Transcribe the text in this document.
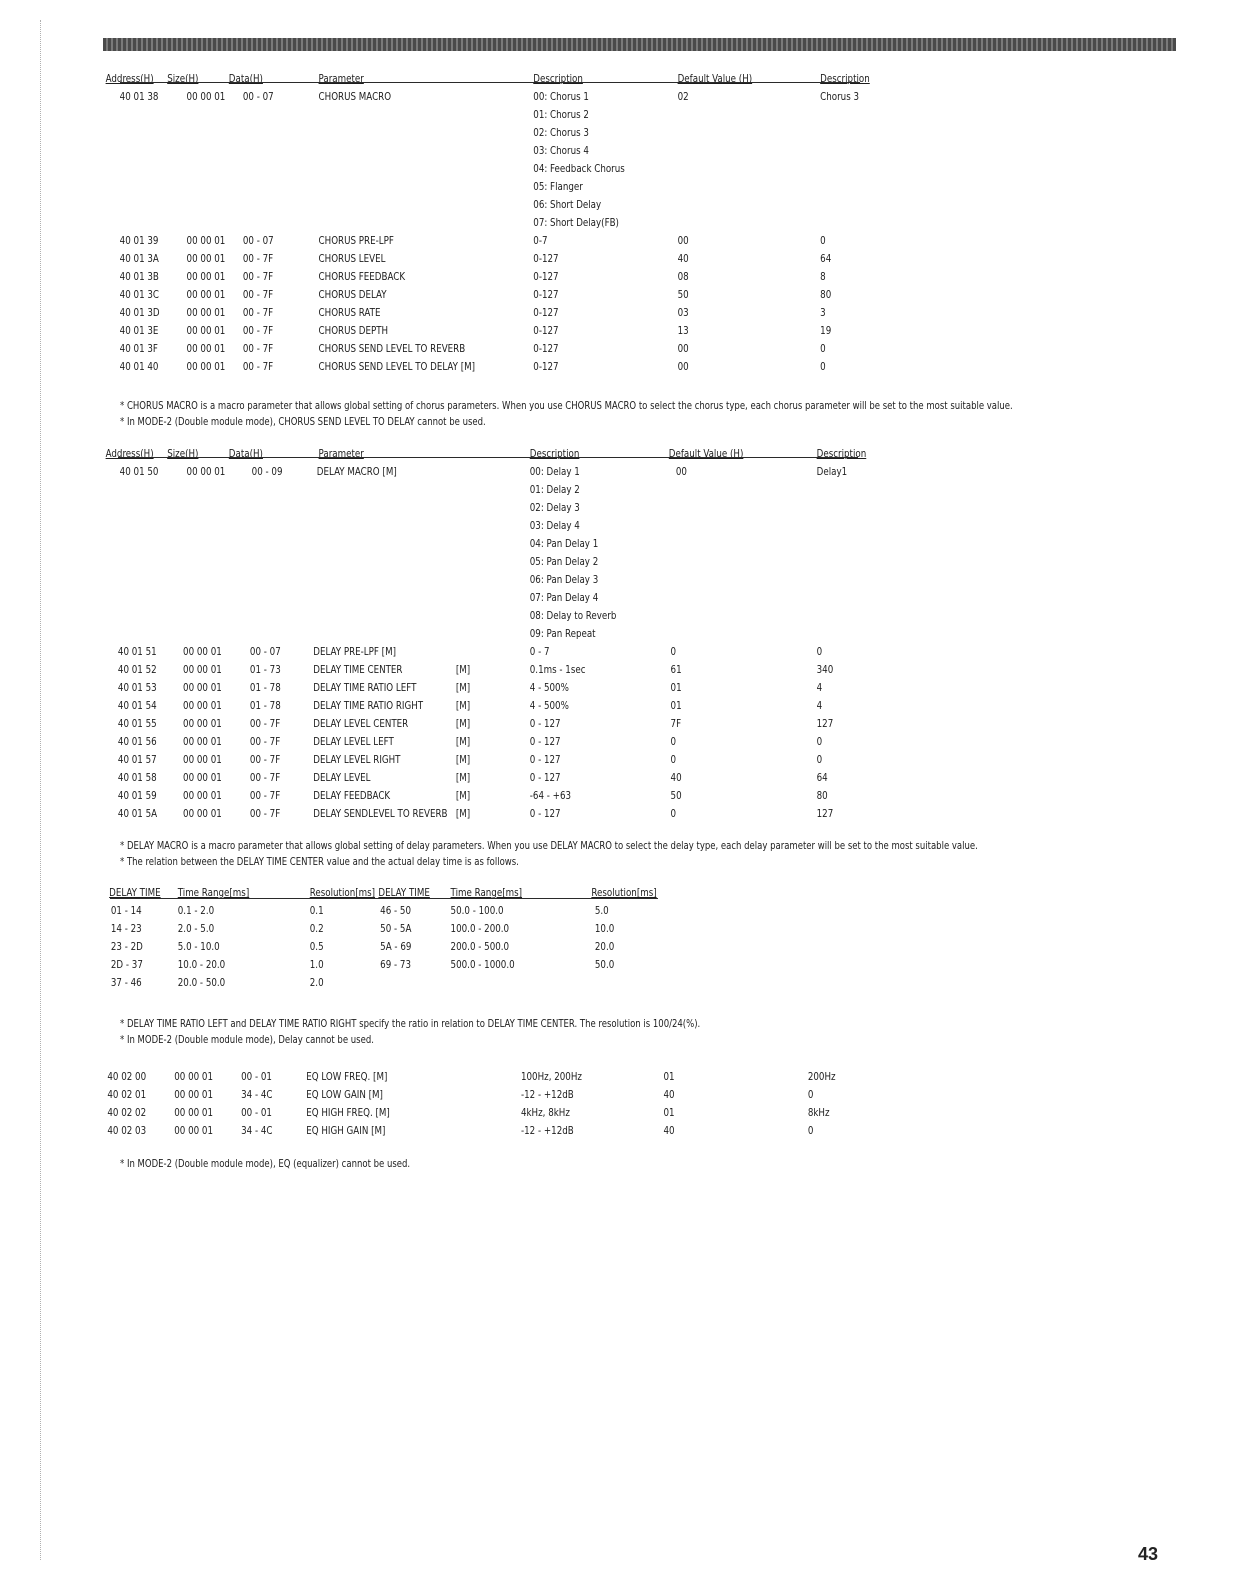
Address(H) Size(H)	Data(H)	Parameter	Description	Default Value (H)	Description
40 01 38	00 00 01 00 - 07	CHORUS MACRO	00: Chorus 1	02	Chorus 3
01: Chorus 2
02: Chorus 3
03: Chorus 4
04: Feedback Chorus
05: Flanger
06: Short Delay
07: Short Delay(FB)
40 01 39	00 00 01 00 - 07	CHORUS PRE-LPF	0-7	00	0
40 01 3A	00 00 01 00 - 7F	CHORUS LEVEL	0-127	40	64
40 01 3B	00 00 01 00 - 7F	CHORUS FEEDBACK	0-127	08	8
40 01 3C	00 00 01 00 - 7F	CHORUS DELAY	0-127	50	80
40 01 3D 00 00 01 00 - 7F	CHORUS RATE	0-127	03	3
40 01 3E	00 00 01 00 - 7F	CHORUS DEPTH	0-127	13	19
40 01 3F	00 00 01 00 - 7F	CHORUS SEND LEVEL TO REVERB	0-127	00	0
40 01 40	00 00 01 00 - 7F	CHORUS SEND LEVEL TO DELAY [M]	0-127	00	0
* CHORUS MACRO is a macro parameter that allows global setting of chorus parameters. When you use CHORUS MACRO to select the chorus type, each chorus parameter will be set to the most suitable value.
* In MODE-2 (Double module mode), CHORUS SEND LEVEL TO DELAY cannot be used.
Address(H) Size(H)	Data(H)	Parameter	Description	Default Value (H)	Description
40 01 50	00 00 01 00 - 09	DELAY MACRO [M]	00: Delay 1	00	Delay1
01: Delay 2
02: Delay 3
03: Delay 4
04: Pan Delay 1
05: Pan Delay 2
06: Pan Delay 3
07: Pan Delay 4
08: Delay to Reverb
09: Pan Repeat
40 01 51 00 00 01	00 - 07	DELAY PRE-LPF [M]	0 - 7	0	0
40 01 52 00 00 01	01 - 73	DELAY TIME CENTER	[M]	0.1ms - 1sec	61	340
40 01 53 00 00 01	01 - 78	DELAY TIME RATIO LEFT	[M]	4 - 500%	01	4
40 01 54 00 00 01	01 - 78	DELAY TIME RATIO RIGHT	[M]	4 - 500%	01	4
40 01 55 00 00 01	00 - 7F	DELAY LEVEL CENTER	[M]	0 - 127	7F	127
40 01 56 00 00 01	00 - 7F	DELAY LEVEL LEFT	[M]	0 - 127	0	0
40 01 57 00 00 01	00 - 7F	DELAY LEVEL RIGHT	[M]	0 - 127	0	0
40 01 58 00 00 01	00 - 7F	DELAY LEVEL	[M]	0 - 127	40	64
40 01 59 00 00 01	00 - 7F	DELAY FEEDBACK	[M]	-64 - +63	50	80
40 01 5A 00 00 01	00 - 7F	DELAY SENDLEVEL TO REVERB [M]	0 - 127	0	127
* DELAY MACRO is a macro parameter that allows global setting of delay parameters. When you use DELAY MACRO to select the delay type, each delay parameter will be set to the most suitable value.
* The relation between the DELAY TIME CENTER value and the actual delay time is as follows.
DELAY TIME Time Range[ms]	Resolution[ms] DELAY TIME Time Range[ms]	Resolution[ms]
01 - 14	0.1 - 2.0	0.1	46 - 50	50.0 - 100.0	5.0
14 - 23	2.0 - 5.0	0.2	50 - 5A	100.0 - 200.0	10.0
23 - 2D	5.0 - 10.0	0.5	5A - 69	200.0 - 500.0	20.0
2D - 37	10.0 - 20.0	1.0	69 - 73	500.0 - 1000.0	50.0
37 - 46	20.0 - 50.0	2.0
* DELAY TIME RATIO LEFT and DELAY TIME RATIO RIGHT specify the ratio in relation to DELAY TIME CENTER. The resolution is 100/24(%).
* In MODE-2 (Double module mode), Delay cannot be used.
40 02 00	00 00 01	00 - 01	EQ LOW FREQ. [M]	100Hz, 200Hz	01	200Hz
40 02 01	00 00 01	34 - 4C	EQ LOW GAIN [M]	-12 - +12dB	40	0
40 02 02	00 00 01	00 - 01	EQ HIGH FREQ. [M]	4kHz, 8kHz	01	8kHz
40 02 03	00 00 01	34 - 4C	EQ HIGH GAIN [M]	-12 - +12dB	40	0
* In MODE-2 (Double module mode), EQ (equalizer) cannot be used.
43
